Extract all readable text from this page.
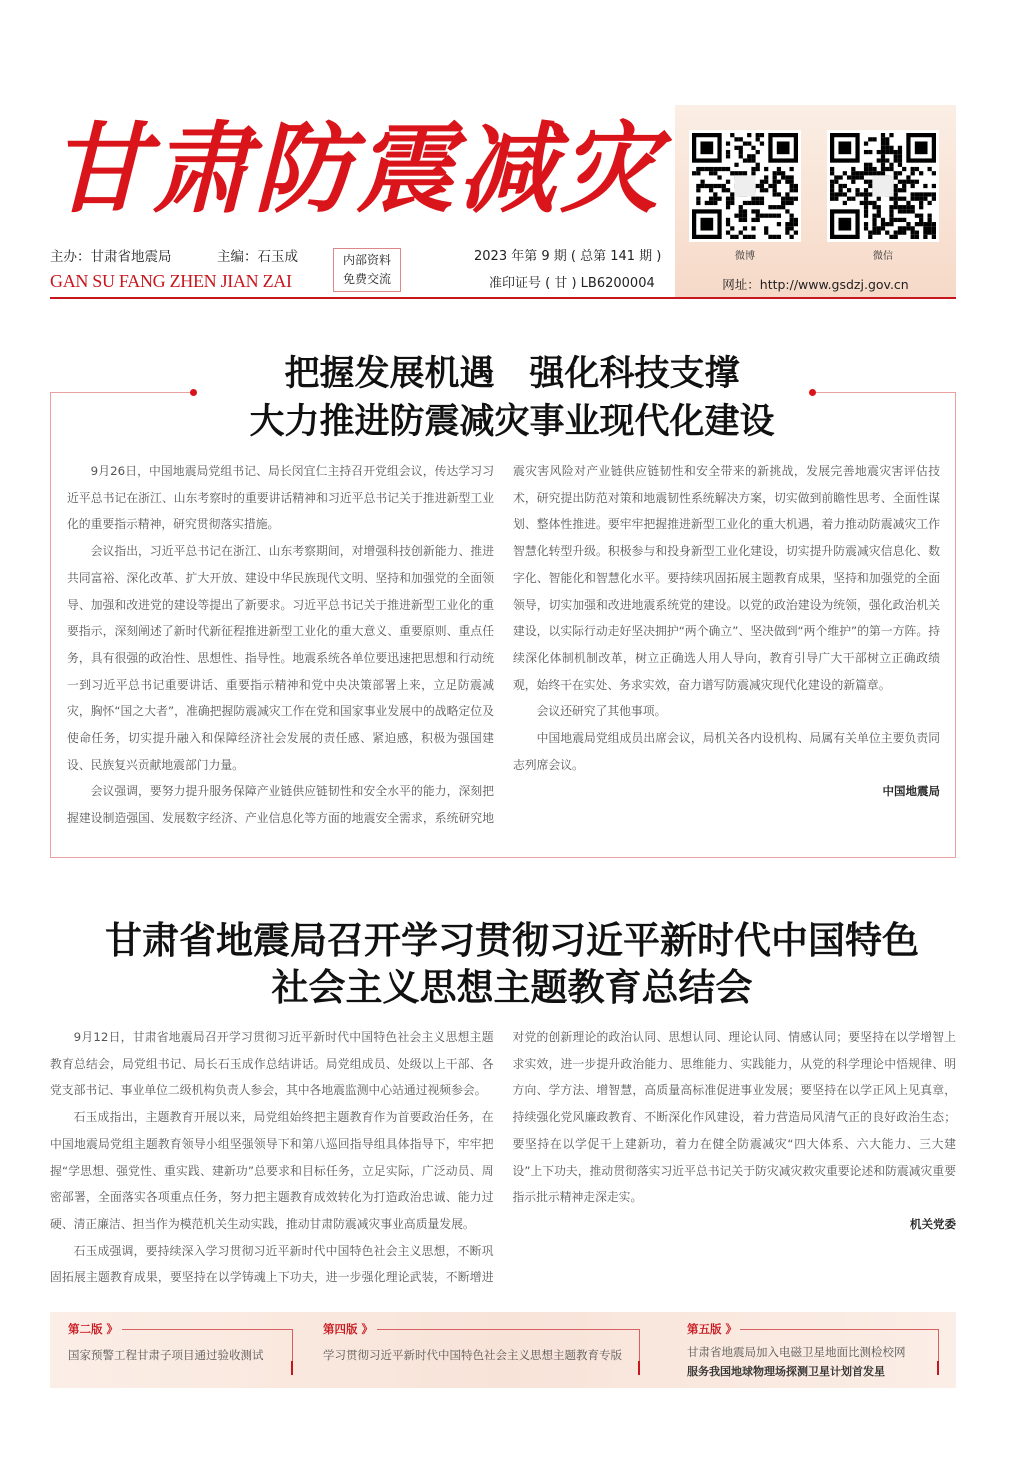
甘肃防震减灾
主办：甘肃省地震局	主编：石玉成
GAN SU FANG ZHEN JIAN ZAI
内部资料
免费交流
2023 年第 9 期 ( 总第 141 期 )
准印证号 ( 甘 ) LB6200004
微博	微信
网址：http://www.gsdzj.gov.cn
把握发展机遇　强化科技支撑
大力推进防震减灾事业现代化建设

9月26日，中国地震局党组书记、局长闵宜仁主持召开党组会议，传达学习习近平总书记在浙江、山东考察时的重要讲话精神和习近平总书记关于推进新型工业化的重要指示精神，研究贯彻落实措施。

会议指出，习近平总书记在浙江、山东考察期间，对增强科技创新能力、推进共同富裕、深化改革、扩大开放、建设中华民族现代文明、坚持和加强党的全面领导、加强和改进党的建设等提出了新要求。习近平总书记关于推进新型工业化的重要指示，深刻阐述了新时代新征程推进新型工业化的重大意义、重要原则、重点任务，具有很强的政治性、思想性、指导性。地震系统各单位要迅速把思想和行动统一到习近平总书记重要讲话、重要指示精神和党中央决策部署上来，立足防震减灾，胸怀“国之大者”，准确把握防震减灾工作在党和国家事业发展中的战略定位及使命任务，切实提升融入和保障经济社会发展的责任感、紧迫感，积极为强国建设、民族复兴贡献地震部门力量。

会议强调，要努力提升服务保障产业链供应链韧性和安全水平的能力，深刻把握建设制造强国、发展数字经济、产业信息化等方面的地震安全需求，系统研究地震灾害风险对产业链供应链韧性和安全带来的新挑战，发展完善地震灾害评估技术，研究提出防范对策和地震韧性系统解决方案，切实做到前瞻性思考、全面性谋划、整体性推进。要牢牢把握推进新型工业化的重大机遇，着力推动防震减灾工作智慧化转型升级。积极参与和投身新型工业化建设，切实提升防震减灾信息化、数字化、智能化和智慧化水平。要持续巩固拓展主题教育成果，坚持和加强党的全面领导，切实加强和改进地震系统党的建设。以党的政治建设为统领，强化政治机关建设，以实际行动走好坚决拥护“两个确立”、坚决做到“两个维护”的第一方阵。持续深化体制机制改革，树立正确选人用人导向，教育引导广大干部树立正确政绩观，始终干在实处、务求实效，奋力谱写防震减灾现代化建设的新篇章。

会议还研究了其他事项。

中国地震局党组成员出席会议，局机关各内设机构、局属有关单位主要负责同志列席会议。

中国地震局

甘肃省地震局召开学习贯彻习近平新时代中国特色
社会主义思想主题教育总结会

9月12日，甘肃省地震局召开学习贯彻习近平新时代中国特色社会主义思想主题教育总结会，局党组书记、局长石玉成作总结讲话。局党组成员、处级以上干部、各党支部书记、事业单位二级机构负责人参会，其中各地震监测中心站通过视频参会。

石玉成指出，主题教育开展以来，局党组始终把主题教育作为首要政治任务，在中国地震局党组主题教育领导小组坚强领导下和第八巡回指导组具体指导下，牢牢把握“学思想、强党性、重实践、建新功”总要求和目标任务，立足实际，广泛动员、周密部署，全面落实各项重点任务，努力把主题教育成效转化为打造政治忠诚、能力过硬、清正廉洁、担当作为模范机关生动实践，推动甘肃防震减灾事业高质量发展。

石玉成强调，要持续深入学习贯彻习近平新时代中国特色社会主义思想，不断巩固拓展主题教育成果，要坚持在以学铸魂上下功夫，进一步强化理论武装，不断增进对党的创新理论的政治认同、思想认同、理论认同、情感认同；要坚持在以学增智上求实效，进一步提升政治能力、思维能力、实践能力，从党的科学理论中悟规律、明方向、学方法、增智慧，高质量高标准促进事业发展；要坚持在以学正风上见真章，持续强化党风廉政教育、不断深化作风建设，着力营造局风清气正的良好政治生态；要坚持在以学促干上建新功，着力在健全防震减灾“四大体系、六大能力、三大建设”上下功夫，推动贯彻落实习近平总书记关于防灾减灾救灾重要论述和防震减灾重要指示批示精神走深走实。

机关党委

第二版 》
国家预警工程甘肃子项目通过验收测试
第四版 》
学习贯彻习近平新时代中国特色社会主义思想主题教育专版
第五版 》
甘肃省地震局加入电磁卫星地面比测检校网
服务我国地球物理场探测卫星计划首发星
